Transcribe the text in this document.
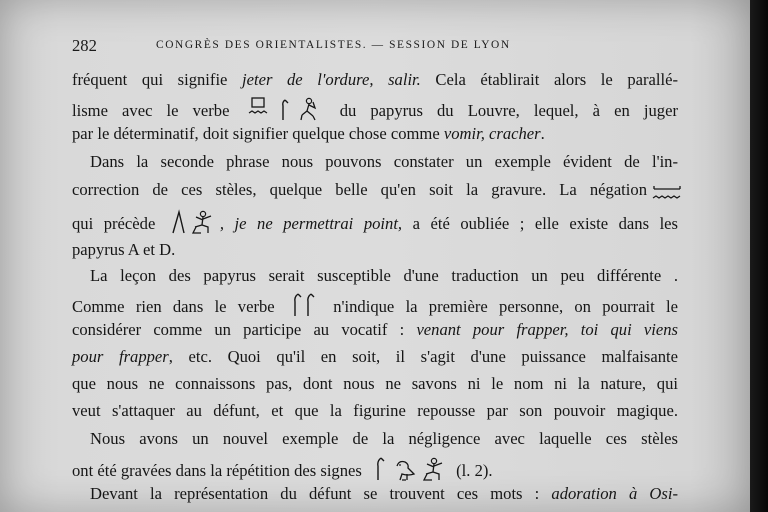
282	CONGRÈS DES ORIENTALISTES. — SESSION DE LYON
fréquent qui signifie jeter de l'ordure, salir. Cela établirait alors le parallé-
lisme avec le verbe	du papyrus du Louvre, lequel, à en juger
par le déterminatif, doit signifier quelque chose comme vomir, cracher.
Dans la seconde phrase nous pouvons constater un exemple évident de l'in-
correction de ces stèles, quelque belle qu'en soit la gravure. La négation
qui précède	, je ne permettrai point, a été oubliée ; elle existe dans les
papyrus A et D.
La leçon des papyrus serait susceptible d'une traduction un peu différente .
Comme rien dans le verbe	n'indique la première personne, on pourrait le
considérer comme un participe au vocatif : venant pour frapper, toi qui viens
pour frapper, etc. Quoi qu'il en soit, il s'agit d'une puissance malfaisante
que nous ne connaissons pas, dont nous ne savons ni le nom ni la nature, qui
veut s'attaquer au défunt, et que la figurine repousse par son pouvoir magique.
Nous avons un nouvel exemple de la négligence avec laquelle ces stèles
ont été gravées dans la répétition des signes	(l. 2).
Devant la représentation du défunt se trouvent ces mots : adoration à Osi-
